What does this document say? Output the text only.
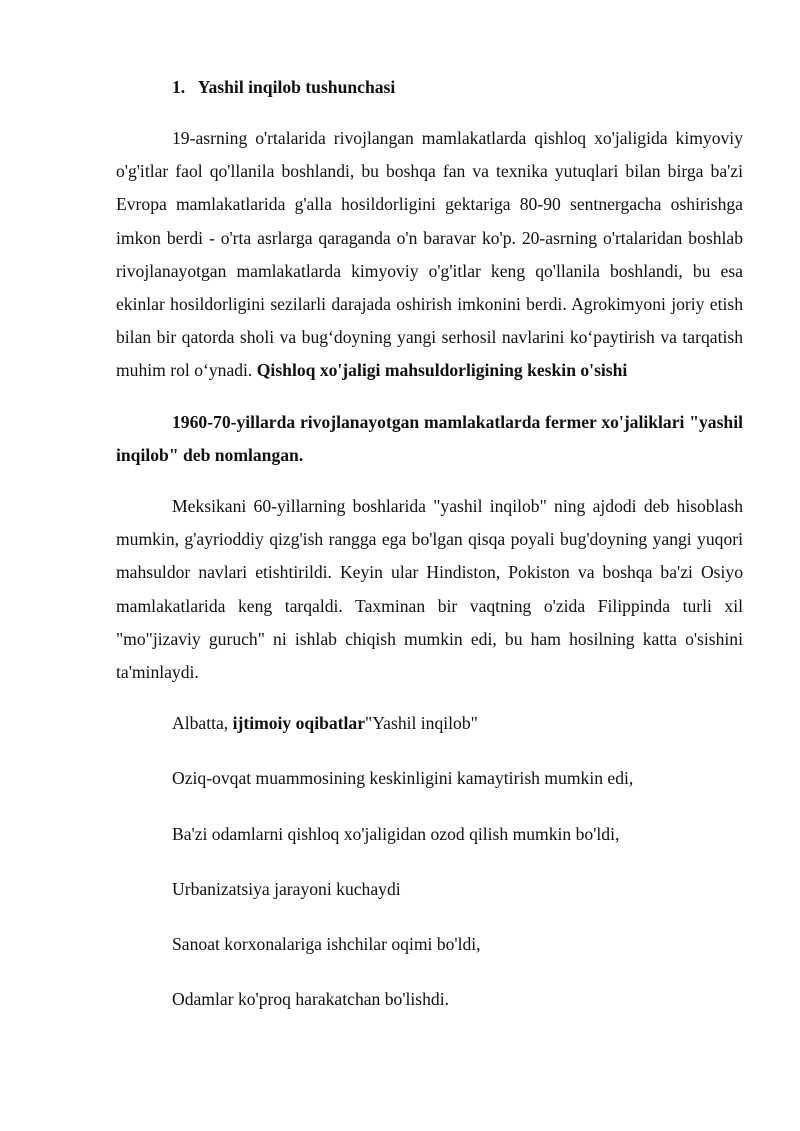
1. Yashil inqilob tushunchasi

19-asrning o'rtalarida rivojlangan mamlakatlarda qishloq xo'jaligida kimyoviy o'g'itlar faol qo'llanila boshlandi, bu boshqa fan va texnika yutuqlari bilan birga ba'zi Evropa mamlakatlarida g'alla hosildorligini gektariga 80-90 sentnergacha oshirishga imkon berdi - o'rta asrlarga qaraganda o'n baravar ko'p. 20-asrning o'rtalaridan boshlab rivojlanayotgan mamlakatlarda kimyoviy o'g'itlar keng qo'llanila boshlandi, bu esa ekinlar hosildorligini sezilarli darajada oshirish imkonini berdi. Agrokimyoni joriy etish bilan bir qatorda sholi va bug‘doyning yangi serhosil navlarini ko‘paytirish va tarqatish muhim rol o‘ynadi. Qishloq xo'jaligi mahsuldorligining keskin o'sishi

1960-70-yillarda rivojlanayotgan mamlakatlarda fermer xo'jaliklari "yashil inqilob" deb nomlangan.

Meksikani 60-yillarning boshlarida "yashil inqilob" ning ajdodi deb hisoblash mumkin, g'ayrioddiy qizg'ish rangga ega bo'lgan qisqa poyali bug'doyning yangi yuqori mahsuldor navlari etishtirildi. Keyin ular Hindiston, Pokiston va boshqa ba'zi Osiyo mamlakatlarida keng tarqaldi. Taxminan bir vaqtning o'zida Filippinda turli xil "mo"jizaviy guruch" ni ishlab chiqish mumkin edi, bu ham hosilning katta o'sishini ta'minlaydi.

Albatta, ijtimoiy oqibatlar"Yashil inqilob"
Oziq-ovqat muammosining keskinligini kamaytirish mumkin edi,
Ba'zi odamlarni qishloq xo'jaligidan ozod qilish mumkin bo'ldi,
Urbanizatsiya jarayoni kuchaydi
Sanoat korxonalariga ishchilar oqimi bo'ldi,
Odamlar ko'proq harakatchan bo'lishdi.
